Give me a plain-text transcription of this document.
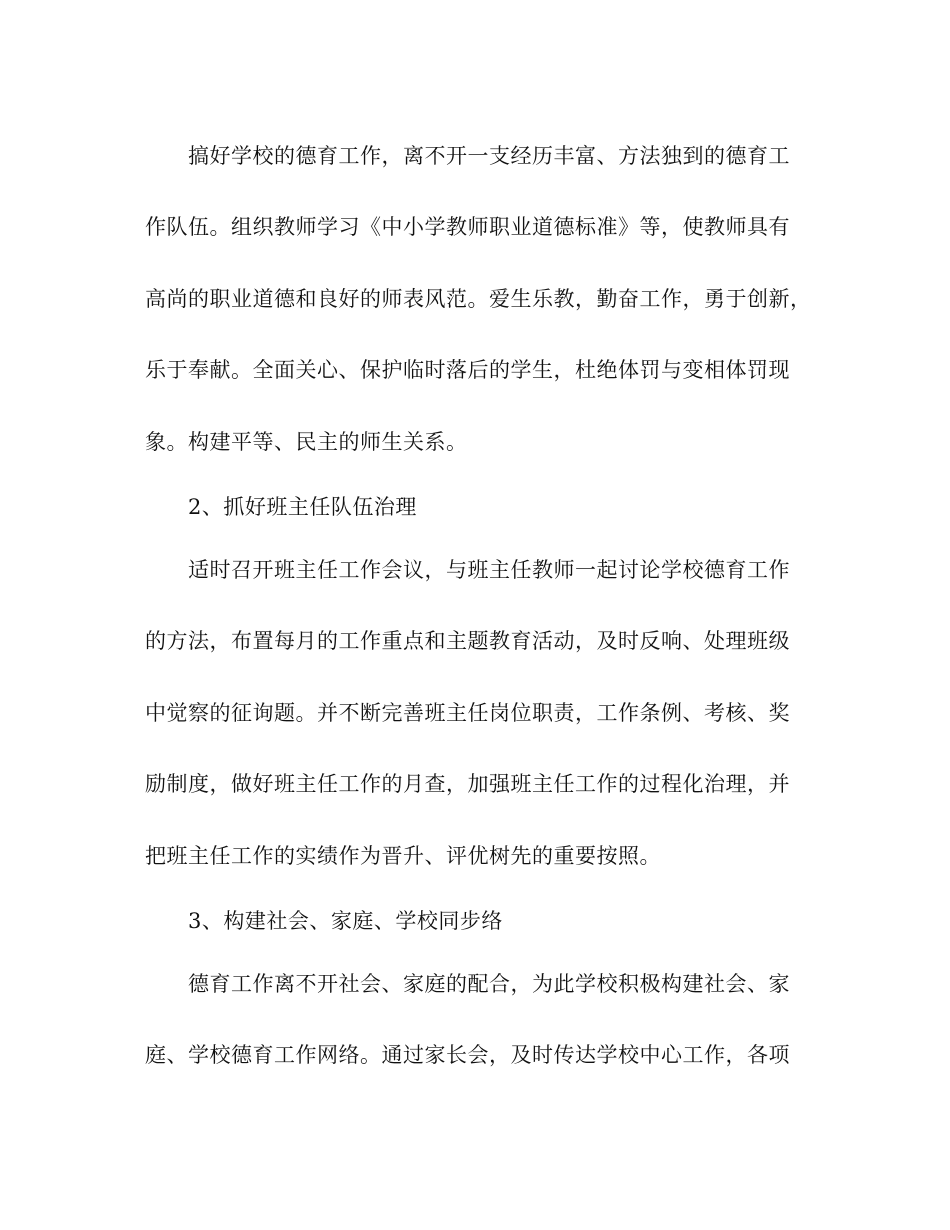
搞好学校的德育工作，离不开一支经历丰富、方法独到的德育工
作队伍。组织教师学习《中小学教师职业道德标准》等，使教师具有
高尚的职业道德和良好的师表风范。爱生乐教，勤奋工作，勇于创新，
乐于奉献。全面关心、保护临时落后的学生，杜绝体罚与变相体罚现
象。构建平等、民主的师生关系。
2、抓好班主任队伍治理
适时召开班主任工作会议，与班主任教师一起讨论学校德育工作
的方法，布置每月的工作重点和主题教育活动，及时反响、处理班级
中觉察的征询题。并不断完善班主任岗位职责，工作条例、考核、奖
励制度，做好班主任工作的月查，加强班主任工作的过程化治理，并
把班主任工作的实绩作为晋升、评优树先的重要按照。
3、构建社会、家庭、学校同步络
德育工作离不开社会、家庭的配合，为此学校积极构建社会、家
庭、学校德育工作网络。通过家长会，及时传达学校中心工作，各项
